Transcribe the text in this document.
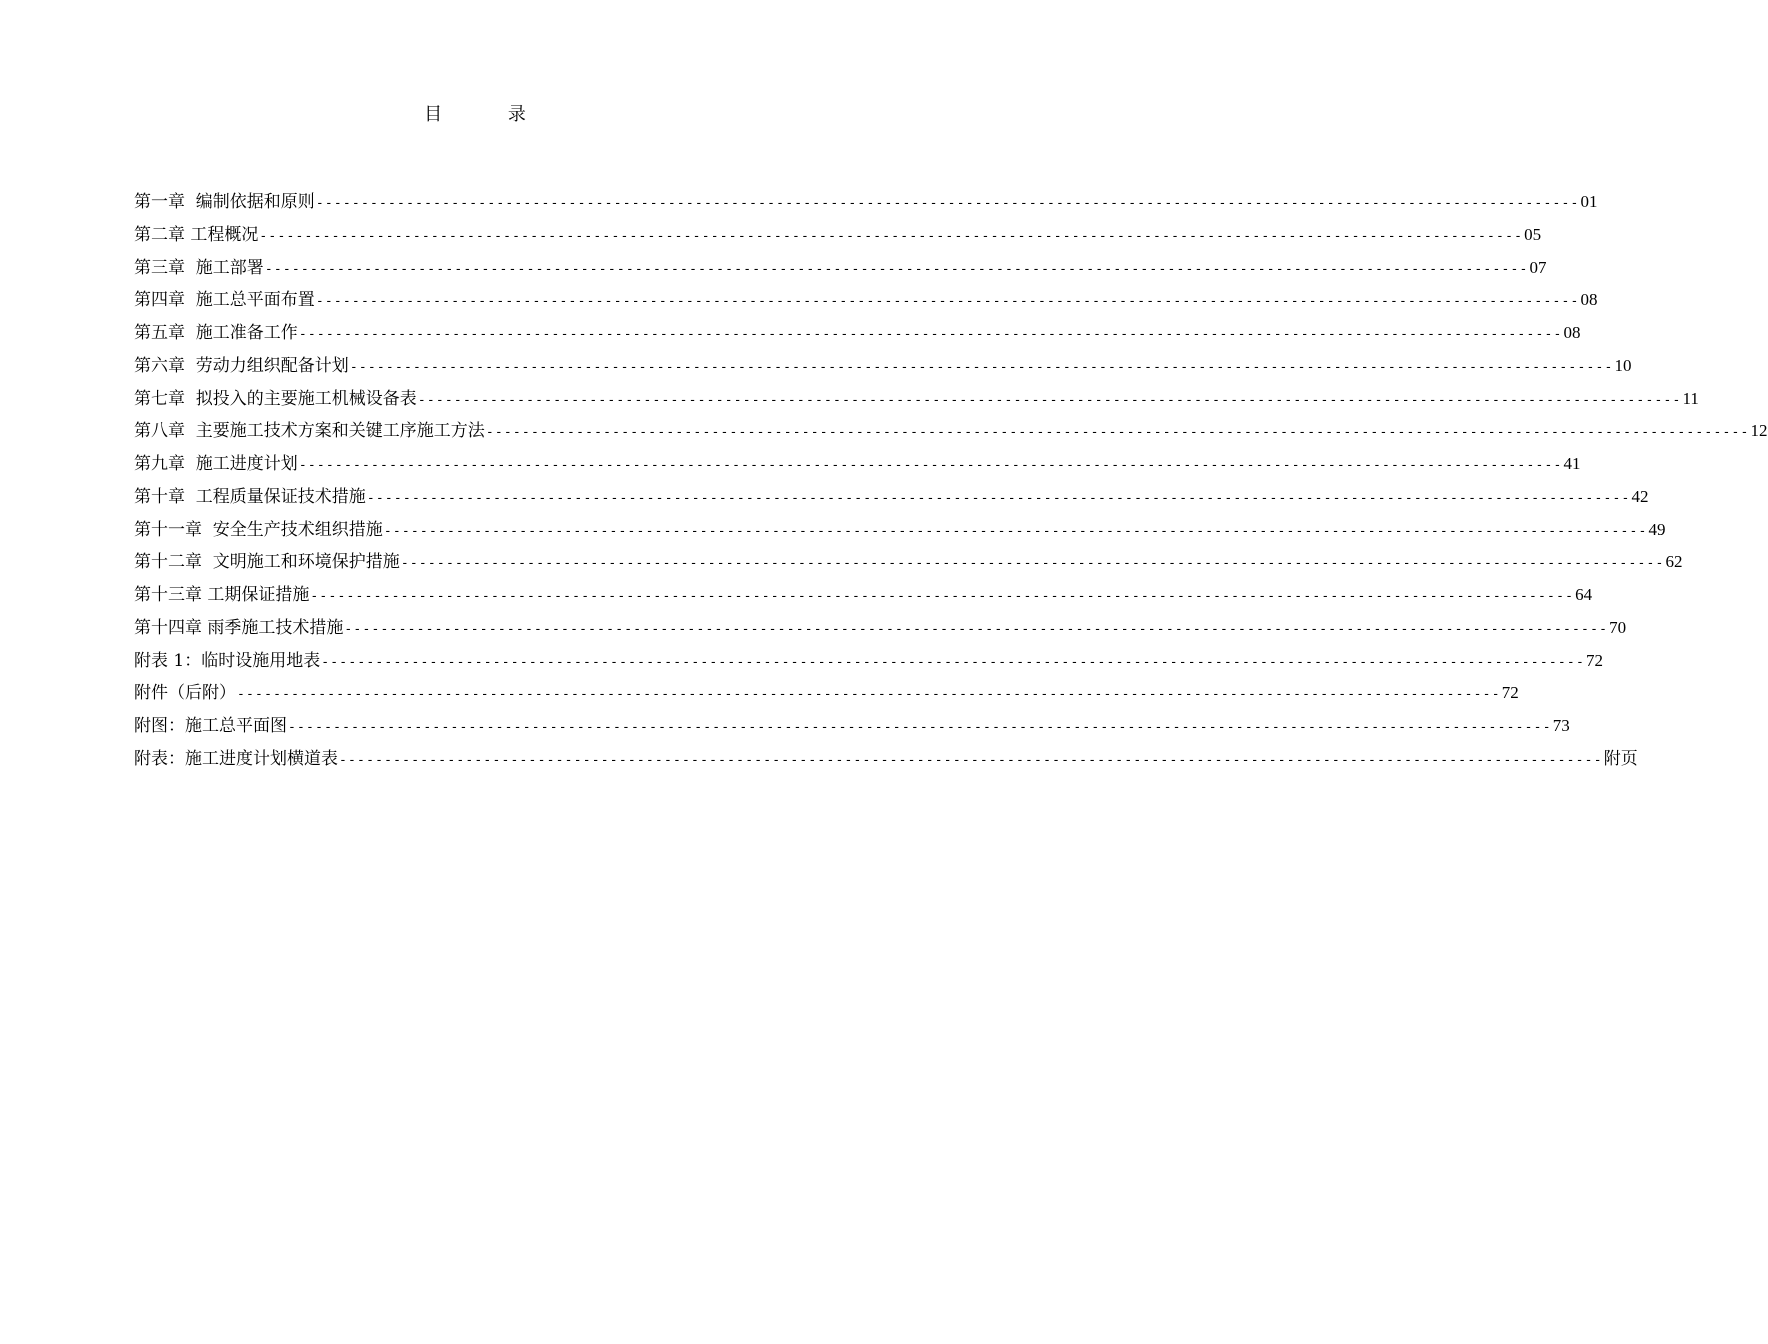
目 录
第一章  编制依据和原则 -------------------------------------------------------------------------------------------------------------------------------------------- 01
第二章 工程概况 -------------------------------------------------------------------------------------------------------------------------------------------- 05
第三章  施工部署 -------------------------------------------------------------------------------------------------------------------------------------------- 07
第四章  施工总平面布置 -------------------------------------------------------------------------------------------------------------------------------------------- 08
第五章  施工准备工作 -------------------------------------------------------------------------------------------------------------------------------------------- 08
第六章  劳动力组织配备计划 -------------------------------------------------------------------------------------------------------------------------------------------- 10
第七章  拟投入的主要施工机械设备表 -------------------------------------------------------------------------------------------------------------------------------------------- 11
第八章  主要施工技术方案和关键工序施工方法 -------------------------------------------------------------------------------------------------------------------------------------------- 12
第九章  施工进度计划 -------------------------------------------------------------------------------------------------------------------------------------------- 41
第十章  工程质量保证技术措施 -------------------------------------------------------------------------------------------------------------------------------------------- 42
第十一章  安全生产技术组织措施 -------------------------------------------------------------------------------------------------------------------------------------------- 49
第十二章  文明施工和环境保护措施 -------------------------------------------------------------------------------------------------------------------------------------------- 62
第十三章 工期保证措施 -------------------------------------------------------------------------------------------------------------------------------------------- 64
第十四章 雨季施工技术措施 -------------------------------------------------------------------------------------------------------------------------------------------- 70
附表 1：临时设施用地表 -------------------------------------------------------------------------------------------------------------------------------------------- 72
附件（后附） -------------------------------------------------------------------------------------------------------------------------------------------- 72
附图：施工总平面图 -------------------------------------------------------------------------------------------------------------------------------------------- 73
附表：施工进度计划横道表 -------------------------------------------------------------------------------------------------------------------------------------------- 附页
